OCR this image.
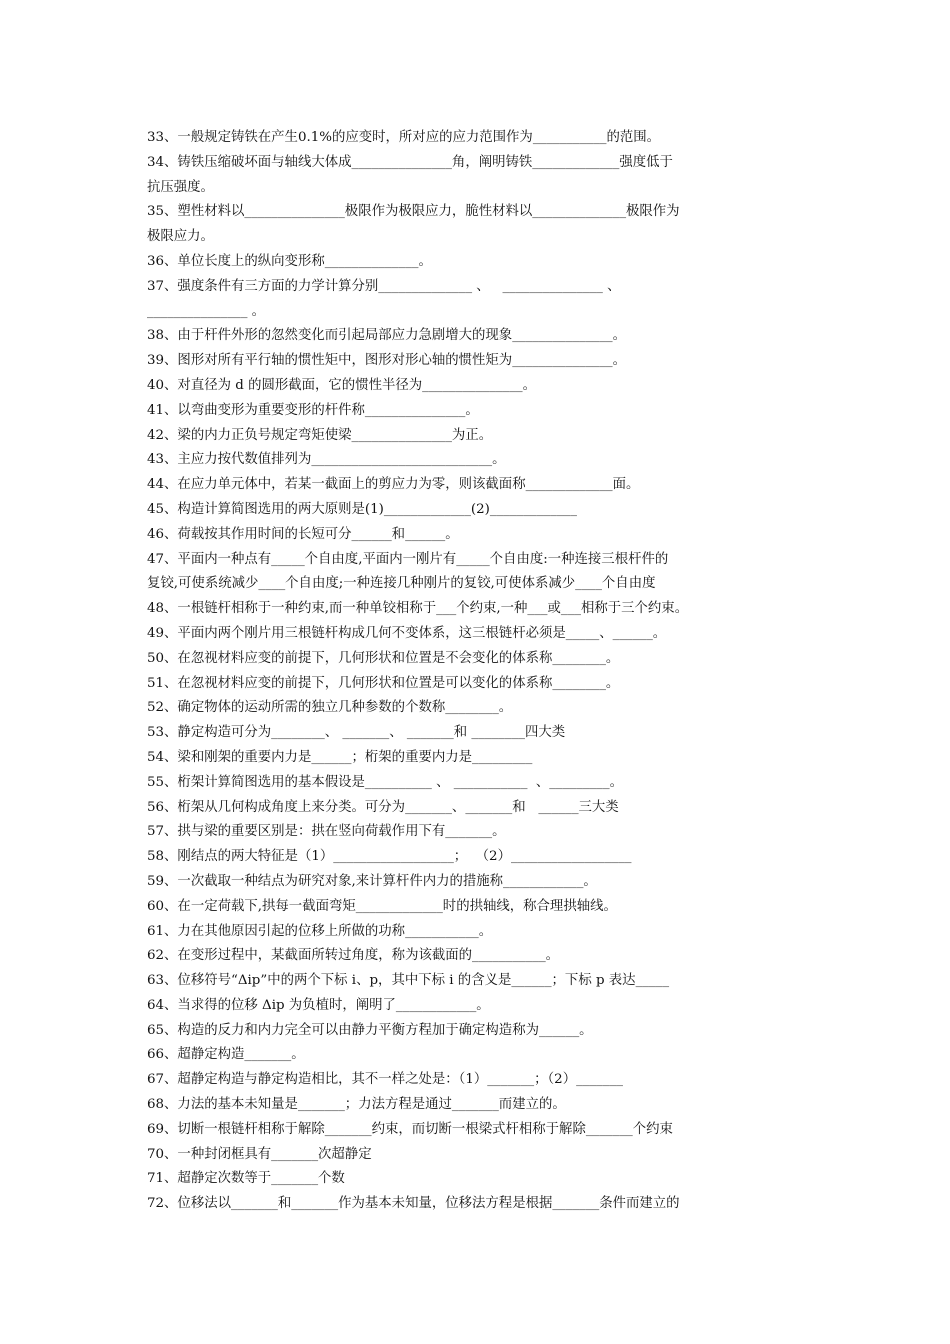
33、一般规定铸铁在产生0.1%的应变时，所对应的应力范围作为___________的范围。
34、铸铁压缩破坏面与轴线大体成_______________角，阐明铸铁_____________强度低于
抗压强度。
35、塑性材料以_______________极限作为极限应力，脆性材料以______________极限作为
极限应力。
36、单位长度上的纵向变形称______________。
37、强度条件有三方面的力学计算分别______________ 、   _______________ 、
_______________ 。
38、由于杆件外形的忽然变化而引起局部应力急剧增大的现象_______________。
39、图形对所有平行轴的惯性矩中，图形对形心轴的惯性矩为_______________。
40、对直径为 d 的圆形截面，它的惯性半径为_______________。
41、以弯曲变形为重要变形的杆件称_______________。
42、梁的内力正负号规定弯矩使梁_______________为正。
43、主应力按代数值排列为___________________________。
44、在应力单元体中，若某一截面上的剪应力为零，则该截面称_____________面。
45、构造计算简图选用的两大原则是(1)_____________(2)_____________
46、荷载按其作用时间的长短可分______和______。
47、平面内一种点有_____个自由度,平面内一刚片有_____个自由度:一种连接三根杆件的
复铰,可使系统减少____个自由度;一种连接几种刚片的复铰,可使体系减少____个自由度
48、一根链杆相称于一种约束,而一种单铰相称于___个约束,一种___或___相称于三个约束。
49、平面内两个刚片用三根链杆构成几何不变体系，这三根链杆必须是_____、______。
50、在忽视材料应变的前提下，几何形状和位置是不会变化的体系称________。
51、在忽视材料应变的前提下，几何形状和位置是可以变化的体系称________。
52、确定物体的运动所需的独立几种参数的个数称________。
53、静定构造可分为________、 _______、 _______和 ________四大类
54、梁和刚架的重要内力是______；桁架的重要内力是_________
55、桁架计算简图选用的基本假设是__________ 、 ___________  、_________。
56、桁架从几何构成角度上来分类。可分为_______、_______和   ______三大类
57、拱与梁的重要区别是：拱在竖向荷载作用下有_______。
58、刚结点的两大特征是（1）__________________；  （2）__________________
59、一次截取一种结点为研究对象,来计算杆件内力的措施称____________。
60、在一定荷载下,拱每一截面弯矩_____________时的拱轴线，称合理拱轴线。
61、力在其他原因引起的位移上所做的功称___________。
62、在变形过程中，某截面所转过角度，称为该截面的___________。
63、位移符号“Δip”中的两个下标 i、p，其中下标 i 的含义是______；下标 p 表达_____
64、当求得的位移 Δip 为负植时，阐明了____________。
65、构造的反力和内力完全可以由静力平衡方程加于确定构造称为______。
66、超静定构造_______。
67、超静定构造与静定构造相比，其不一样之处是：（1）_______；（2）_______
68、力法的基本未知量是_______；力法方程是通过_______而建立的。
69、切断一根链杆相称于解除_______约束，而切断一根梁式杆相称于解除_______个约束
70、一种封闭框具有_______次超静定
71、超静定次数等于_______个数
72、位移法以_______和_______作为基本未知量，位移法方程是根据_______条件而建立的
